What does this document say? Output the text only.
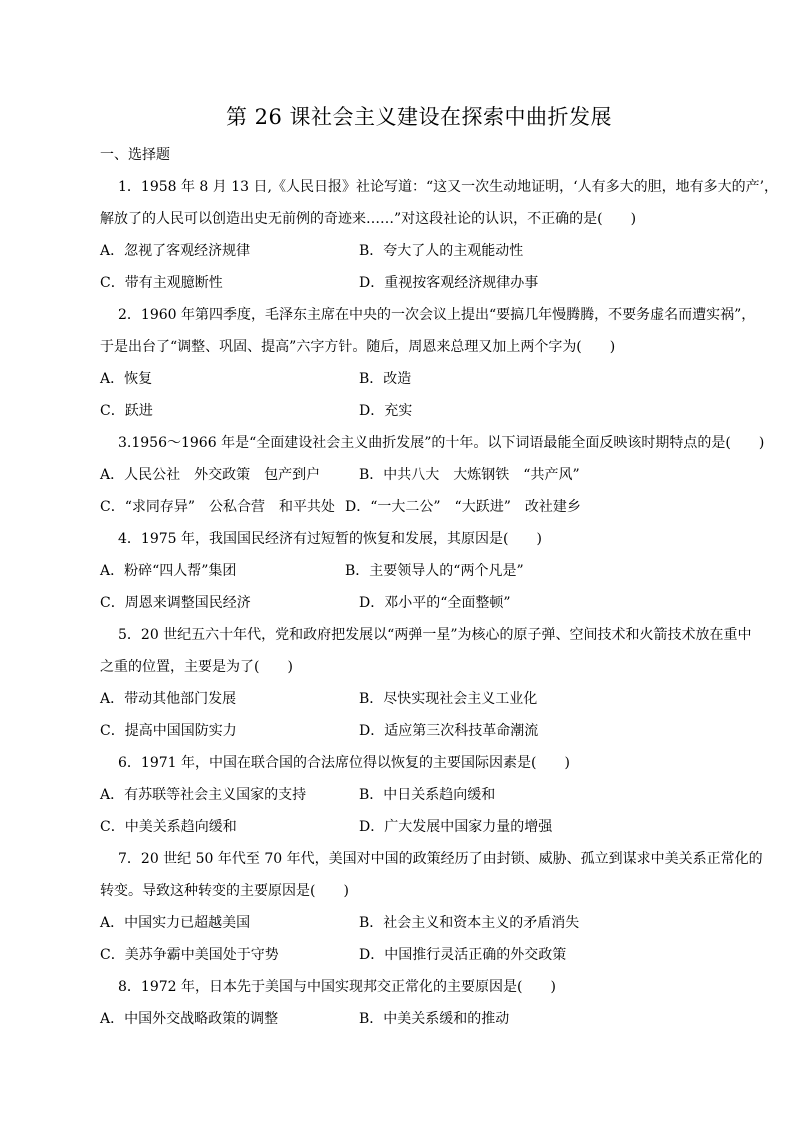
第 26 课社会主义建设在探索中曲折发展
一、选择题
1．1958 年 8 月 13 日,《人民日报》社论写道：“这又一次生动地证明，‘人有多大的胆，地有多大的产’，
解放了的人民可以创造出史无前例的奇迹来……”对这段社论的认识，不正确的是(　　)
A．忽视了客观经济规律	B．夸大了人的主观能动性
C．带有主观臆断性	D．重视按客观经济规律办事
2．1960 年第四季度，毛泽东主席在中央的一次会议上提出“要搞几年慢腾腾，不要务虚名而遭实祸”，
于是出台了“调整、巩固、提高”六字方针。随后，周恩来总理又加上两个字为(　　)
A．恢复	B．改造
C．跃进	D．充实
3.1956～1966 年是“全面建设社会主义曲折发展”的十年。以下词语最能全面反映该时期特点的是(　　)
A．人民公社　外交政策　包产到户	B．中共八大　大炼钢铁　“共产风”
C．“求同存异”　公私合营　和平共处 D．“一大二公”　“大跃进”　改社建乡
4．1975 年，我国国民经济有过短暂的恢复和发展，其原因是(　　)
A．粉碎“四人帮”集团	B．主要领导人的“两个凡是”
C．周恩来调整国民经济	D．邓小平的“全面整顿”
5．20 世纪五六十年代，党和政府把发展以“两弹一星”为核心的原子弹、空间技术和火箭技术放在重中
之重的位置，主要是为了(　　)
A．带动其他部门发展	B．尽快实现社会主义工业化
C．提高中国国防实力	D．适应第三次科技革命潮流
6．1971 年，中国在联合国的合法席位得以恢复的主要国际因素是(　　)
A．有苏联等社会主义国家的支持	B．中日关系趋向缓和
C．中美关系趋向缓和	D．广大发展中国家力量的增强
7．20 世纪 50 年代至 70 年代，美国对中国的政策经历了由封锁、威胁、孤立到谋求中美关系正常化的
转变。导致这种转变的主要原因是(　　)
A．中国实力已超越美国	B．社会主义和资本主义的矛盾消失
C．美苏争霸中美国处于守势	D．中国推行灵活正确的外交政策
8．1972 年，日本先于美国与中国实现邦交正常化的主要原因是(　　)
A．中国外交战略政策的调整	B．中美关系缓和的推动
